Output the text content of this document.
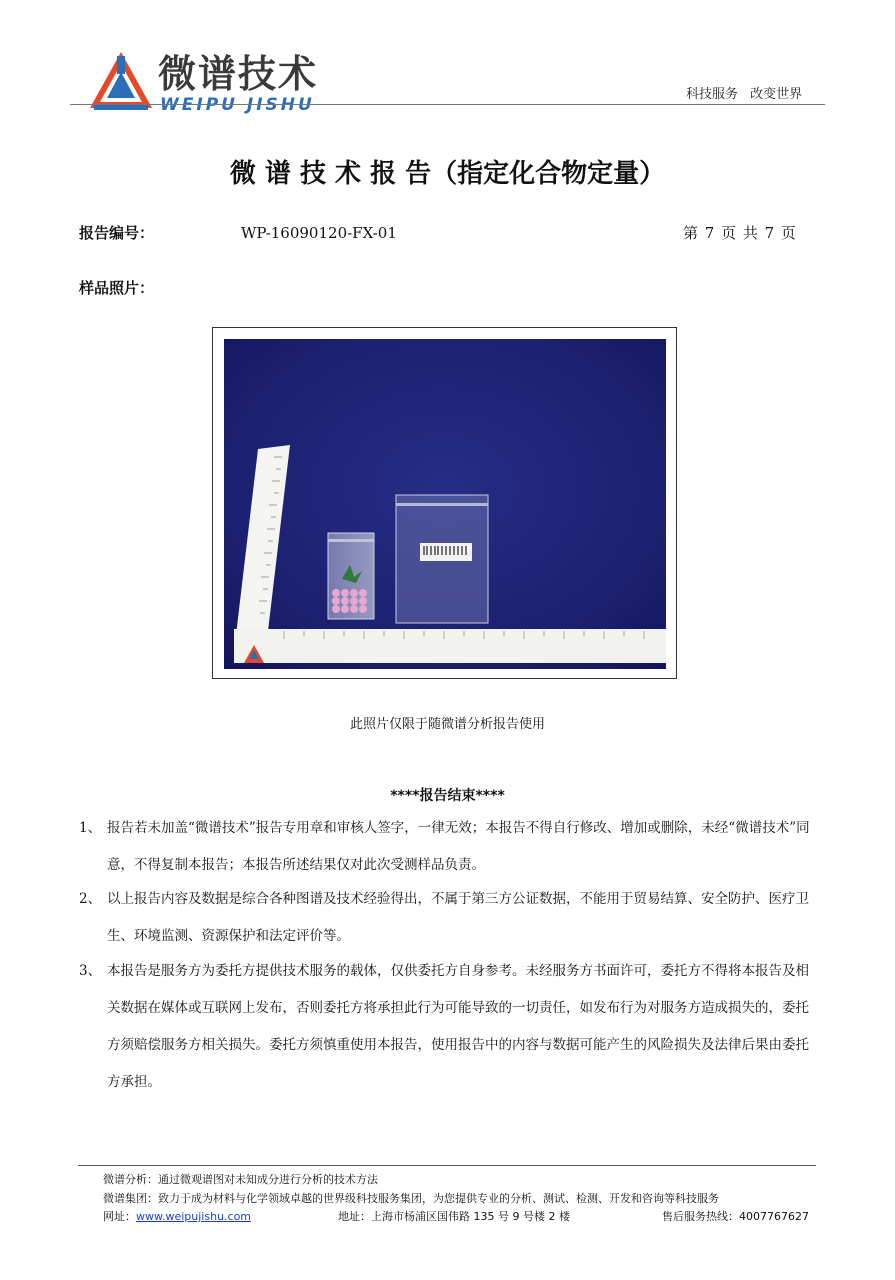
微谱技术
WEIPU JISHU
科技服务 改变世界
微 谱 技 术 报 告（指定化合物定量）
报告编号：	WP-16090120-FX-01	第 7 页 共 7 页
样品照片：
此照片仅限于随微谱分析报告使用
****报告结束****
1、 报告若未加盖“微谱技术”报告专用章和审核人签字，一律无效；本报告不得自行修改、增加或删除，未经“微谱技术”同意，不得复制本报告；本报告所述结果仅对此次受测样品负责。
2、 以上报告内容及数据是综合各种图谱及技术经验得出，不属于第三方公证数据，不能用于贸易结算、安全防护、医疗卫生、环境监测、资源保护和法定评价等。
3、 本报告是服务方为委托方提供技术服务的载体，仅供委托方自身参考。未经服务方书面许可，委托方不得将本报告及相关数据在媒体或互联网上发布，否则委托方将承担此行为可能导致的一切责任，如发布行为对服务方造成损失的，委托方须赔偿服务方相关损失。委托方须慎重使用本报告，使用报告中的内容与数据可能产生的风险损失及法律后果由委托方承担。
微谱分析：通过微观谱图对未知成分进行分析的技术方法
微谱集团：致力于成为材料与化学领域卓越的世界级科技服务集团，为您提供专业的分析、测试、检测、开发和咨询等科技服务
网址：www.weipujishu.com	地址：上海市杨浦区国伟路 135 号 9 号楼 2 楼	售后服务热线：4007767627
